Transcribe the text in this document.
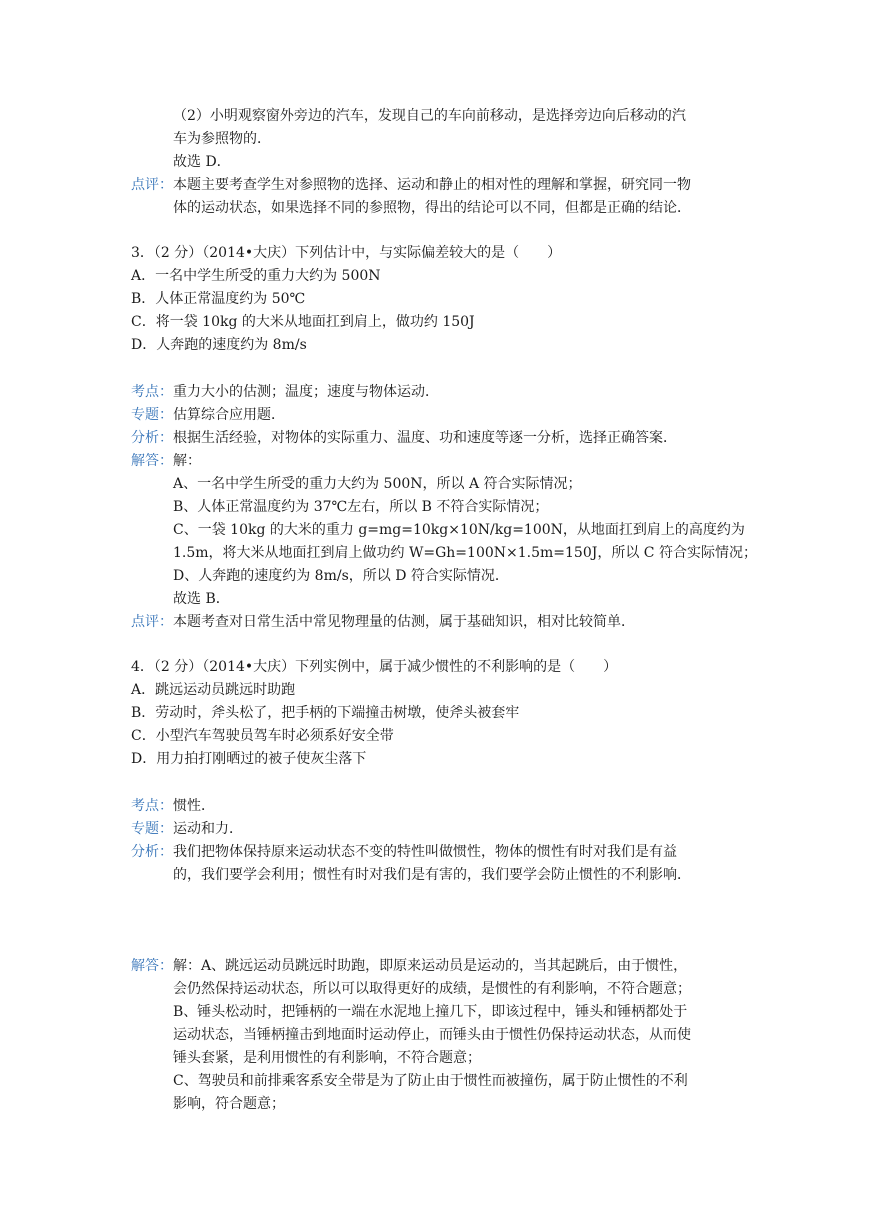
（2）小明观察窗外旁边的汽车，发现自己的车向前移动，是选择旁边向后移动的汽
车为参照物的．
故选 D．
点评：本题主要考查学生对参照物的选择、运动和静止的相对性的理解和掌握，研究同一物
体的运动状态，如果选择不同的参照物，得出的结论可以不同，但都是正确的结论．
3．（2 分）（2014•大庆）下列估计中，与实际偏差较大的是（　　）
A．一名中学生所受的重力大约为 500N
B．人体正常温度约为 50℃
C．将一袋 10kg 的大米从地面扛到肩上，做功约 150J
D．人奔跑的速度约为 8m/s
考点：重力大小的估测；温度；速度与物体运动．
专题：估算综合应用题．
分析：根据生活经验，对物体的实际重力、温度、功和速度等逐一分析，选择正确答案．
解答：解：
A、一名中学生所受的重力大约为 500N，所以 A 符合实际情况；
B、人体正常温度约为 37℃左右，所以 B 不符合实际情况；
C、一袋 10kg 的大米的重力 g=mg=10kg×10N/kg=100N，从地面扛到肩上的高度约为
1.5m，将大米从地面扛到肩上做功约 W=Gh=100N×1.5m=150J，所以 C 符合实际情况；
D、人奔跑的速度约为 8m/s，所以 D 符合实际情况．
故选 B．
点评：本题考查对日常生活中常见物理量的估测，属于基础知识，相对比较简单．
4．（2 分）（2014•大庆）下列实例中，属于减少惯性的不利影响的是（　　）
A．跳远运动员跳远时助跑
B．劳动时，斧头松了，把手柄的下端撞击树墩，使斧头被套牢
C．小型汽车驾驶员驾车时必须系好安全带
D．用力拍打刚晒过的被子使灰尘落下
考点：惯性．
专题：运动和力．
分析：我们把物体保持原来运动状态不变的特性叫做惯性，物体的惯性有时对我们是有益
的，我们要学会利用；惯性有时对我们是有害的，我们要学会防止惯性的不利影响．
解答：解：A、跳远运动员跳远时助跑，即原来运动员是运动的，当其起跳后，由于惯性，
会仍然保持运动状态，所以可以取得更好的成绩，是惯性的有利影响，不符合题意；
B、锤头松动时，把锤柄的一端在水泥地上撞几下，即该过程中，锤头和锤柄都处于
运动状态，当锤柄撞击到地面时运动停止，而锤头由于惯性仍保持运动状态，从而使
锤头套紧，是利用惯性的有利影响，不符合题意；
C、驾驶员和前排乘客系安全带是为了防止由于惯性而被撞伤，属于防止惯性的不利
影响，符合题意；
